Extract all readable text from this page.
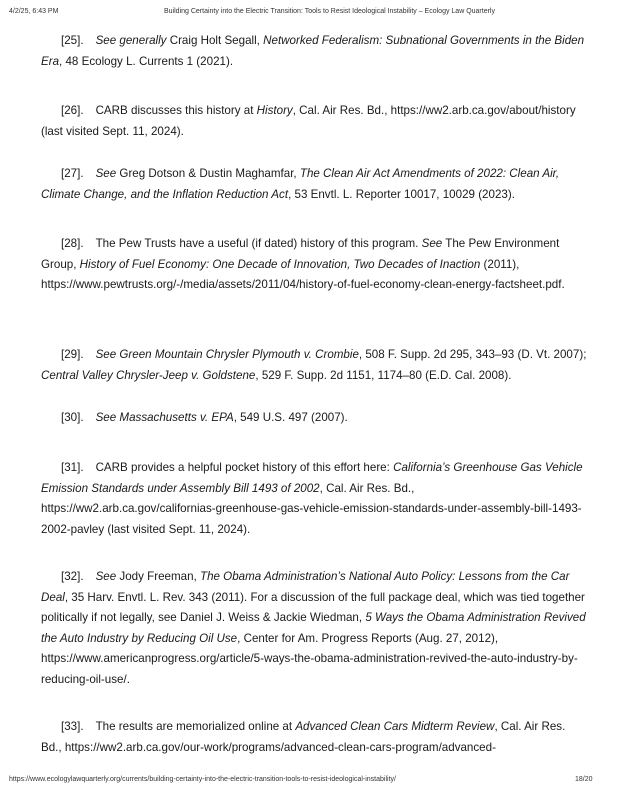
4/2/25, 6:43 PM	Building Certainty into the Electric Transition: Tools to Resist Ideological Instability – Ecology Law Quarterly

[25]. See generally Craig Holt Segall, Networked Federalism: Subnational Governments in the Biden Era, 48 Ecology L. Currents 1 (2021).

[26]. CARB discusses this history at History, Cal. Air Res. Bd., https://ww2.arb.ca.gov/about/history (last visited Sept. 11, 2024).

[27]. See Greg Dotson & Dustin Maghamfar, The Clean Air Act Amendments of 2022: Clean Air, Climate Change, and the Inflation Reduction Act, 53 Envtl. L. Reporter 10017, 10029 (2023).

[28]. The Pew Trusts have a useful (if dated) history of this program. See The Pew Environment Group, History of Fuel Economy: One Decade of Innovation, Two Decades of Inaction (2011), https://www.pewtrusts.org/-/media/assets/2011/04/history-of-fuel-economy-clean-energy-factsheet.pdf.

[29]. See Green Mountain Chrysler Plymouth v. Crombie, 508 F. Supp. 2d 295, 343–93 (D. Vt. 2007); Central Valley Chrysler-Jeep v. Goldstene, 529 F. Supp. 2d 1151, 1174–80 (E.D. Cal. 2008).

[30]. See Massachusetts v. EPA, 549 U.S. 497 (2007).

[31]. CARB provides a helpful pocket history of this effort here: California’s Greenhouse Gas Vehicle Emission Standards under Assembly Bill 1493 of 2002, Cal. Air Res. Bd., https://ww2.arb.ca.gov/californias-greenhouse-gas-vehicle-emission-standards-under-assembly-bill-1493-2002-pavley (last visited Sept. 11, 2024).

[32]. See Jody Freeman, The Obama Administration’s National Auto Policy: Lessons from the Car Deal, 35 Harv. Envtl. L. Rev. 343 (2011). For a discussion of the full package deal, which was tied together politically if not legally, see Daniel J. Weiss & Jackie Wiedman, 5 Ways the Obama Administration Revived the Auto Industry by Reducing Oil Use, Center for Am. Progress Reports (Aug. 27, 2012), https://www.americanprogress.org/article/5-ways-the-obama-administration-revived-the-auto-industry-by-reducing-oil-use/.

[33]. The results are memorialized online at Advanced Clean Cars Midterm Review, Cal. Air Res. Bd., https://ww2.arb.ca.gov/our-work/programs/advanced-clean-cars-program/advanced-

https://www.ecologylawquarterly.org/currents/building-certainty-into-the-electric-transition-tools-to-resist-ideological-instability/	18/20
